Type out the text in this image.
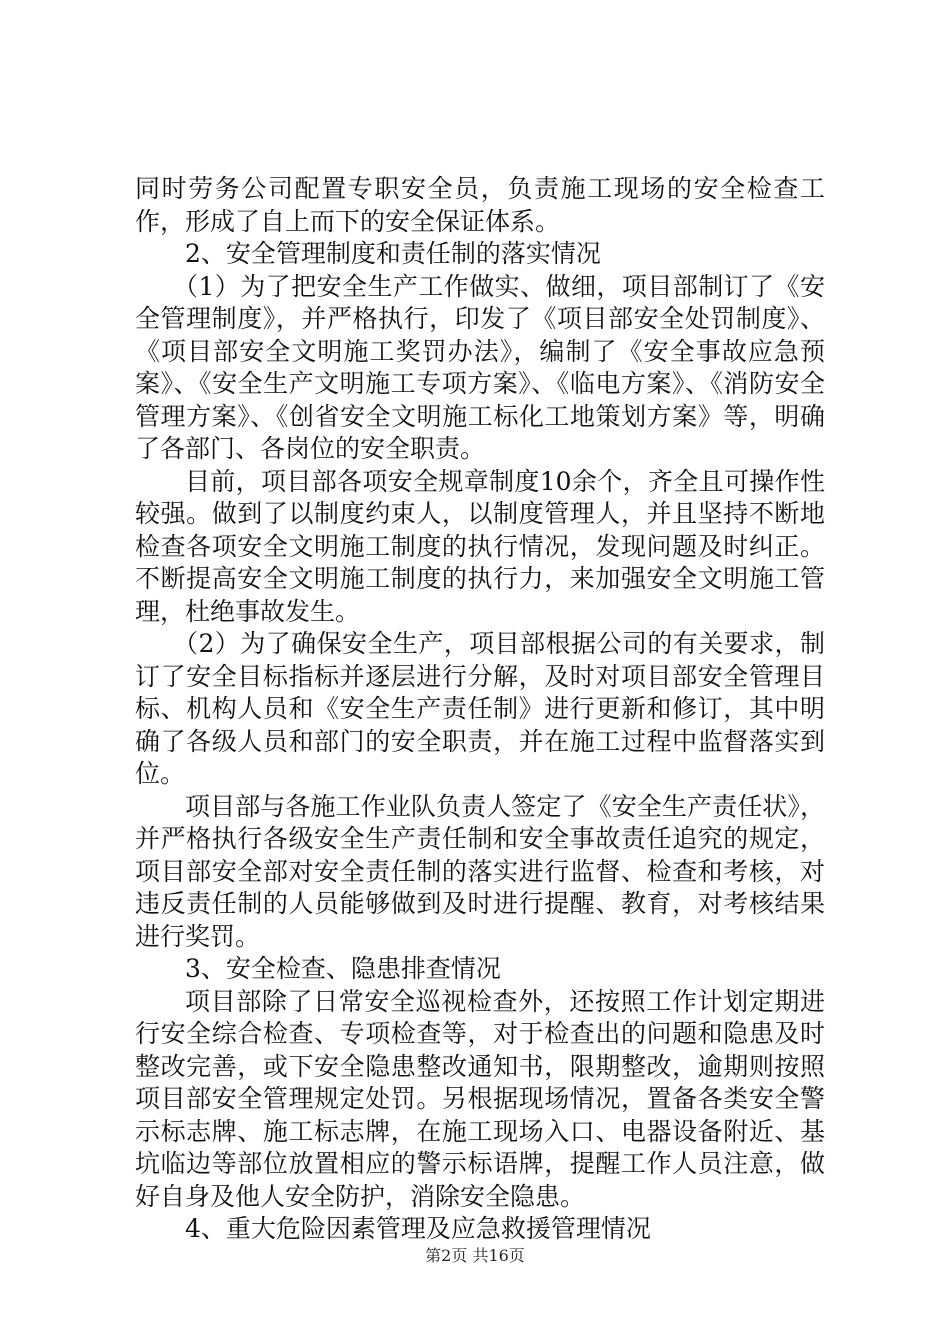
同时劳务公司配置专职安全员，负责施工现场的安全检查工作，形成了自上而下的安全保证体系。

2、安全管理制度和责任制的落实情况

（1）为了把安全生产工作做实、做细，项目部制订了《安全管理制度》，并严格执行，印发了《项目部安全处罚制度》、《项目部安全文明施工奖罚办法》，编制了《安全事故应急预案》、《安全生产文明施工专项方案》、《临电方案》、《消防安全管理方案》、《创省安全文明施工标化工地策划方案》等，明确了各部门、各岗位的安全职责。

目前，项目部各项安全规章制度10余个，齐全且可操作性较强。做到了以制度约束人，以制度管理人，并且坚持不断地检查各项安全文明施工制度的执行情况，发现问题及时纠正。不断提高安全文明施工制度的执行力，来加强安全文明施工管理，杜绝事故发生。

（2）为了确保安全生产，项目部根据公司的有关要求，制订了安全目标指标并逐层进行分解，及时对项目部安全管理目标、机构人员和《安全生产责任制》进行更新和修订，其中明确了各级人员和部门的安全职责，并在施工过程中监督落实到位。

项目部与各施工作业队负责人签定了《安全生产责任状》，并严格执行各级安全生产责任制和安全事故责任追究的规定，项目部安全部对安全责任制的落实进行监督、检查和考核，对违反责任制的人员能够做到及时进行提醒、教育，对考核结果进行奖罚。

3、安全检查、隐患排查情况

项目部除了日常安全巡视检查外，还按照工作计划定期进行安全综合检查、专项检查等，对于检查出的问题和隐患及时整改完善，或下安全隐患整改通知书，限期整改，逾期则按照项目部安全管理规定处罚。另根据现场情况，置备各类安全警示标志牌、施工标志牌，在施工现场入口、电器设备附近、基坑临边等部位放置相应的警示标语牌，提醒工作人员注意，做好自身及他人安全防护，消除安全隐患。

4、重大危险因素管理及应急救援管理情况

第2页 共16页
